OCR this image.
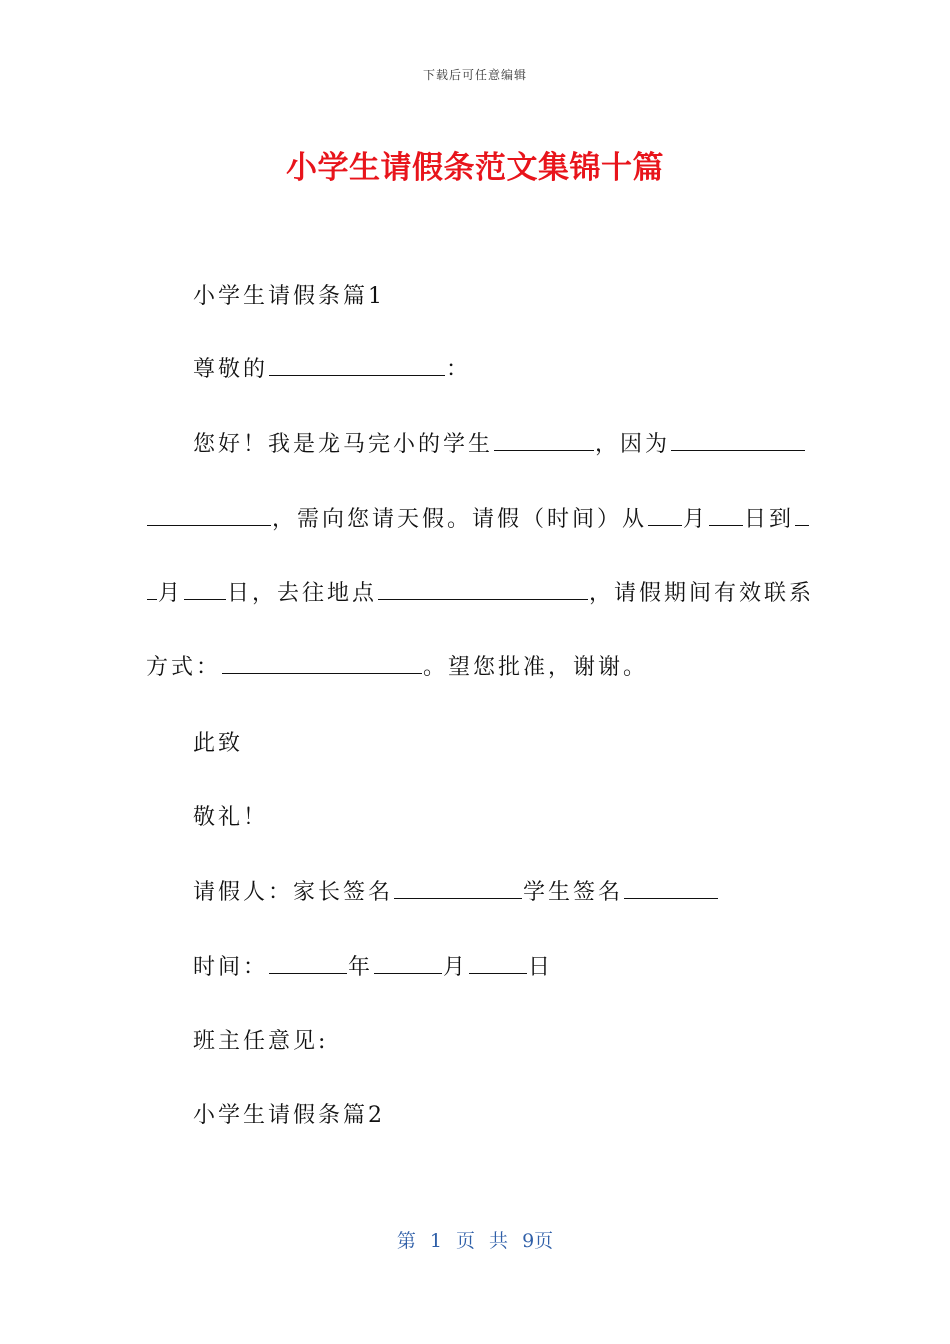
下载后可任意编辑
小学生请假条范文集锦十篇
小学生请假条篇1
尊敬的	：
您好！我是龙马完小的学生	，因为
，需向您请天假。请假（时间）从 月 日到
月 日，去往地点	，请假期间有效联系
方式：	。望您批准，谢谢。
此致
敬礼！
请假人：家长签名	学生签名
时间：	年	月	日
班主任意见:
小学生请假条篇2
第 1 页 共 9页
